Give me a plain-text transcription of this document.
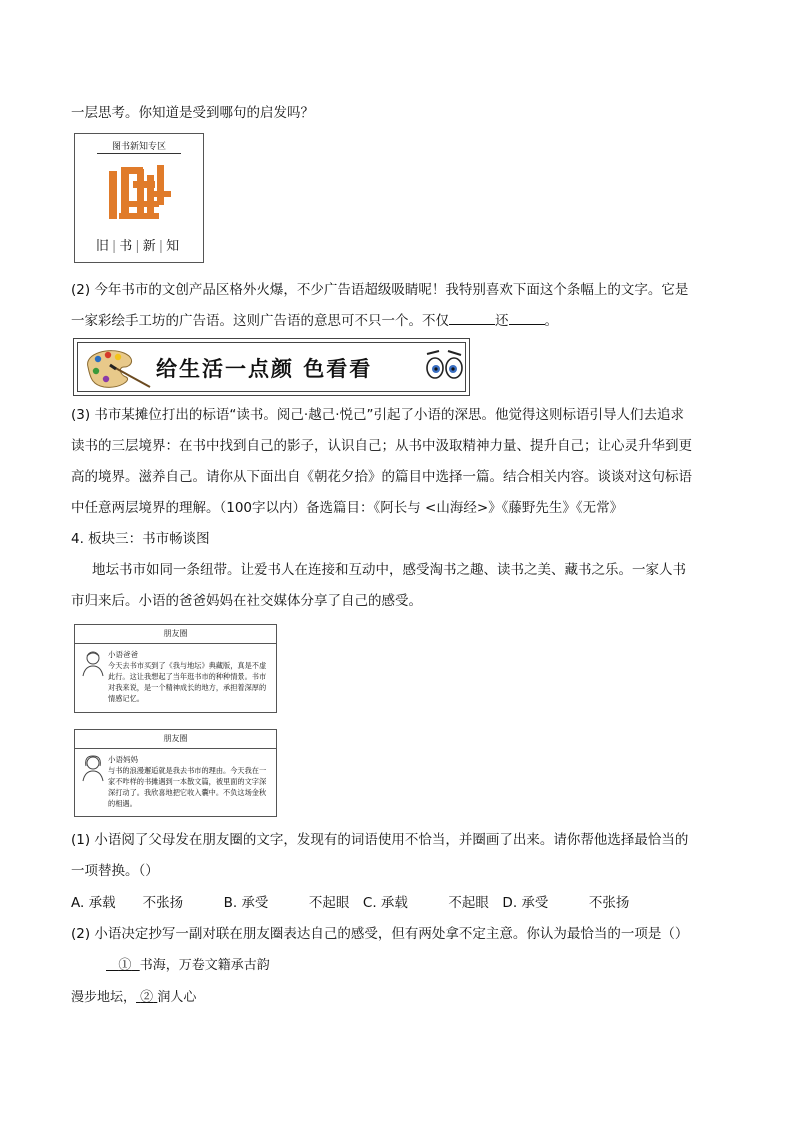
一层思考。你知道是受到哪句的启发吗？
图书新知专区
旧|书|新|知
(2) 今年书市的文创产品区格外火爆，不少广告语超级吸睛呢！我特别喜欢下面这个条幅上的文字。它是
一家彩绘手工坊的广告语。这则广告语的意思可不只一个。不仅	还	。
给生活一点颜 色看看
(3) 书市某摊位打出的标语“读书。阅己·越己·悦己”引起了小语的深思。他觉得这则标语引导人们去追求
读书的三层境界：在书中找到自己的影子，认识自己；从书中汲取精神力量、提升自己；让心灵升华到更
高的境界。滋养自己。请你从下面出自《朝花夕拾》的篇目中选择一篇。结合相关内容。谈谈对这句标语
中任意两层境界的理解。（100字以内）备选篇目：《阿长与 <山海经>》《藤野先生》《无常》
4. 板块三：书市畅谈图
地坛书市如同一条纽带。让爱书人在连接和互动中，感受淘书之趣、读书之美、藏书之乐。一家人书
市归来后。小语的爸爸妈妈在社交媒体分享了自己的感受。
朋友圈
小语爸爸
今天去书市买到了《我与地坛》典藏版，真是不虚此行。这让我想起了当年逛书市的种种情景。书市对我来说，是一个精神成长的地方，承担着深厚的情感记忆。
朋友圈
小语妈妈
与书的浪漫邂逅就是我去书市的理由。今天我在一家不咋样的书摊遇到一本散文篇，被里面的文字深深打动了。我欣喜地把它收入囊中。不负这场金秋的相遇。
(1) 小语阅了父母发在朋友圈的文字，发现有的词语使用不恰当，并圈画了出来。请你帮他选择最恰当的
一项替换。（）
A. 承载　　不张扬　　　B. 承受　　　不起眼　C. 承载　　　不起眼　D. 承受　　　不张扬
(2) 小语决定抄写一副对联在朋友圈表达自己的感受，但有两处拿不定主意。你认为最恰当的一项是（）
① 书海，万卷文籍承古韵
漫步地坛， ② 润人心
